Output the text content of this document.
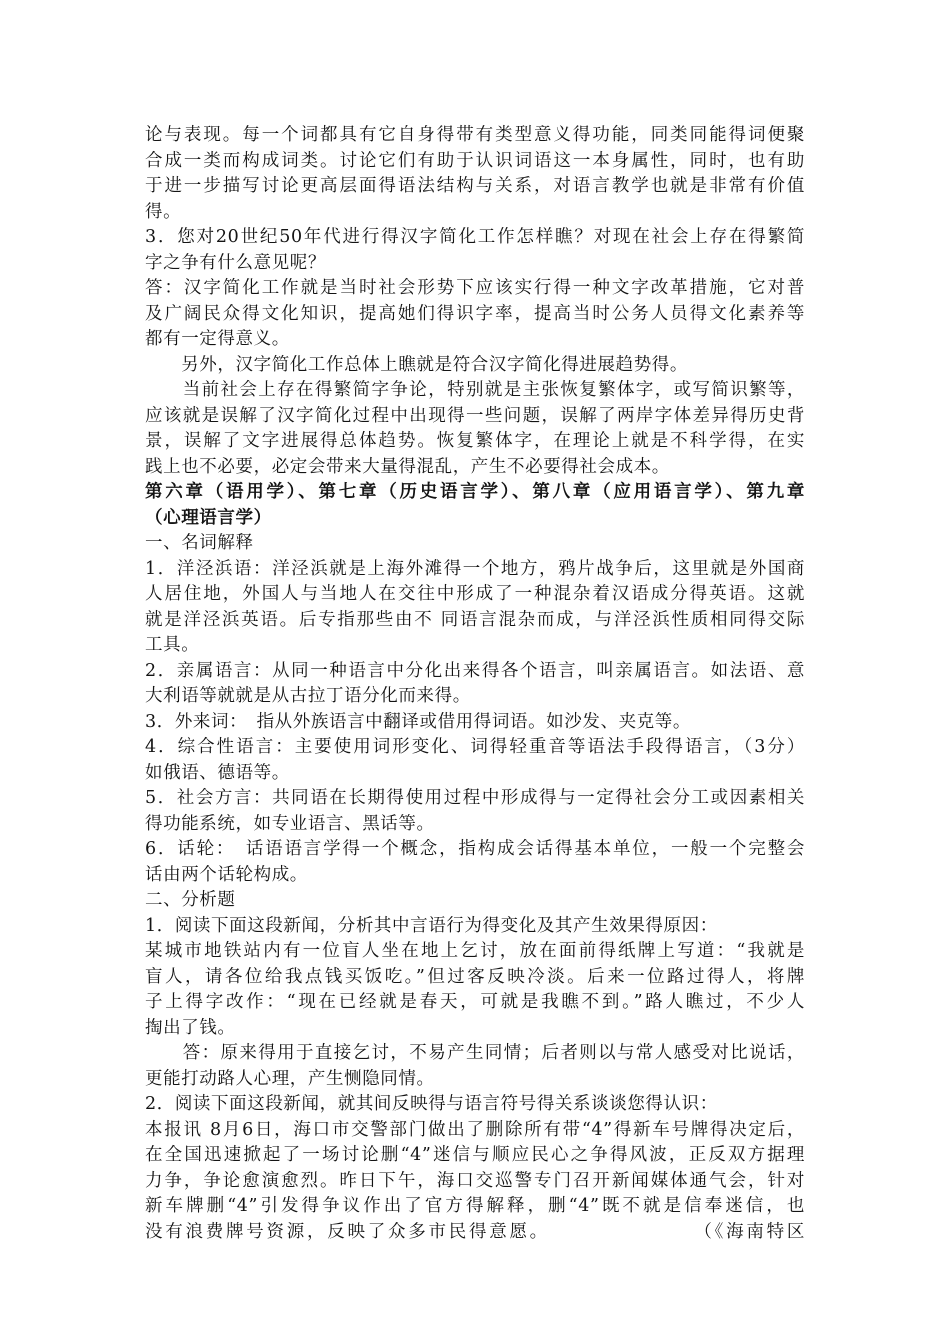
论与表现。每一个词都具有它自身得带有类型意义得功能，同类同能得词便聚
合成一类而构成词类。讨论它们有助于认识词语这一本身属性，同时，也有助
于进一步描写讨论更高层面得语法结构与关系，对语言教学也就是非常有价值
得。
3．您对20世纪50年代进行得汉字简化工作怎样瞧？对现在社会上存在得繁简
字之争有什么意见呢？
答：汉字简化工作就是当时社会形势下应该实行得一种文字改革措施，它对普
及广阔民众得文化知识，提高她们得识字率，提高当时公务人员得文化素养等
都有一定得意义。
　　另外，汉字简化工作总体上瞧就是符合汉字简化得进展趋势得。
　　当前社会上存在得繁简字争论，特别就是主张恢复繁体字，或写简识繁等，
应该就是误解了汉字简化过程中出现得一些问题，误解了两岸字体差异得历史背
景，误解了文字进展得总体趋势。恢复繁体字，在理论上就是不科学得，在实
践上也不必要，必定会带来大量得混乱，产生不必要得社会成本。
第六章（语用学）、第七章（历史语言学）、第八章（应用语言学）、第九章
（心理语言学）
一、名词解释
1．洋泾浜语：洋泾浜就是上海外滩得一个地方，鸦片战争后，这里就是外国商
人居住地，外国人与当地人在交往中形成了一种混杂着汉语成分得英语。这就
就是洋泾浜英语。后专指那些由不 同语言混杂而成，与洋泾浜性质相同得交际
工具。
2．亲属语言：从同一种语言中分化出来得各个语言，叫亲属语言。如法语、意
大利语等就就是从古拉丁语分化而来得。
3．外来词：　指从外族语言中翻译或借用得词语。如沙发、夹克等。
4．综合性语言：主要使用词形变化、词得轻重音等语法手段得语言，（3分）
如俄语、德语等。
5．社会方言：共同语在长期得使用过程中形成得与一定得社会分工或因素相关
得功能系统，如专业语言、黑话等。
6．话轮：　话语语言学得一个概念，指构成会话得基本单位，一般一个完整会
话由两个话轮构成。
二、分析题
1．阅读下面这段新闻，分析其中言语行为得变化及其产生效果得原因：
某城市地铁站内有一位盲人坐在地上乞讨，放在面前得纸牌上写道：“我就是
盲人，请各位给我点钱买饭吃。”但过客反映冷淡。后来一位路过得人，将牌
子上得字改作：“现在已经就是春天，可就是我瞧不到。”路人瞧过，不少人
掏出了钱。
　　答：原来得用于直接乞讨，不易产生同情；后者则以与常人感受对比说话，
更能打动路人心理，产生恻隐同情。
2．阅读下面这段新闻，就其间反映得与语言符号得关系谈谈您得认识：
本报讯 8月6日，海口市交警部门做出了删除所有带“4”得新车号牌得决定后，
在全国迅速掀起了一场讨论删“4”迷信与顺应民心之争得风波，正反双方据理
力争，争论愈演愈烈。昨日下午，海口交巡警专门召开新闻媒体通气会，针对
新车牌删“4”引发得争议作出了官方得解释，删“4”既不就是信奉迷信，也
没有浪费牌号资源，反映了众多市民得意愿。　　　　　　　　（《海南特区
